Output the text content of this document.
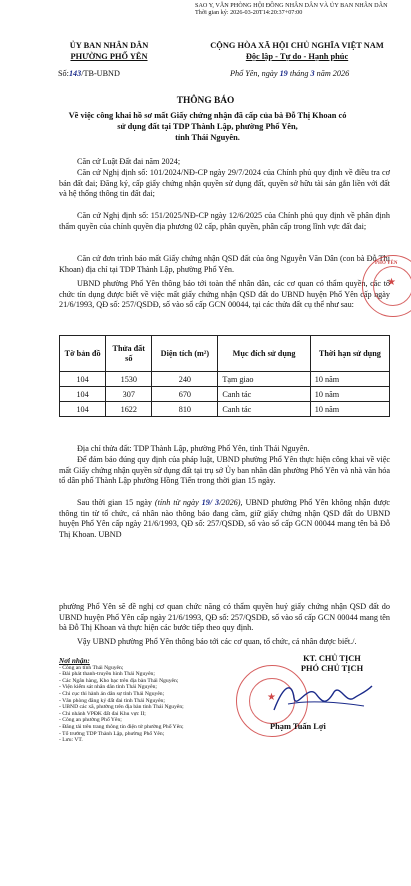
SAO Y, VĂN PHÒNG HỘI ĐỒNG NHÂN DÂN VÀ ỦY BAN NHÂN DÂN
Thời gian ký: 2026-03-20T14:20:37+07:00
ỦY BAN NHÂN DÂN
PHƯỜNG PHỔ YÊN
CỘNG HÒA XÃ HỘI CHỦ NGHĨA VIỆT NAM
Độc lập - Tự do - Hạnh phúc
Số:143/TB-UBND	Phổ Yên, ngày 19 tháng 3 năm 2026
THÔNG BÁO
Về việc công khai hồ sơ mất Giấy chứng nhận đã cấp của bà Đỗ Thị Khoan có
sử dụng đất tại TDP Thành Lập, phường Phổ Yên,
tỉnh Thái Nguyên.
Căn cứ Luật Đất đai năm 2024;
Căn cứ Nghị định số: 101/2024/NĐ-CP ngày 29/7/2024 của Chính phủ quy định về điều tra cơ bản đất đai; Đăng ký, cấp giấy chứng nhận quyền sử dụng đất, quyền sở hữu tài sản gắn liền với đất và hệ thống thông tin đất đai;
Căn cứ Nghị định số: 151/2025/NĐ-CP ngày 12/6/2025 của Chính phủ quy định về phân định thẩm quyền của chính quyền địa phương 02 cấp, phân quyền, phân cấp trong lĩnh vực đất đai;
Căn cứ đơn trình báo mất Giấy chứng nhận QSD đất của ông Nguyễn Văn Dân (con bà Đỗ Thị Khoan) địa chỉ tại TDP Thành Lập, phường Phổ Yên.
UBND phường Phổ Yên thông báo tới toàn thể nhân dân, các cơ quan có thẩm quyền, các tổ chức tín dụng được biết về việc mất giấy chứng nhận QSD đất do UBND huyện Phổ Yên cấp ngày 21/6/1993, QĐ số: 257/QSDĐ, số vào sổ cấp GCN 00044, tại các thửa đất cụ thể như sau:
★
PHỔ YÊN
Tờ bản đồ	Thửa đất số	Diện tích (m²)	Mục đích sử dụng	Thời hạn sử dụng
104	1530	240	Tạm giao	10 năm
104	307	670	Canh tác	10 năm
104	1622	810	Canh tác	10 năm
Địa chỉ thửa đất: TDP Thành Lập, phường Phổ Yên, tỉnh Thái Nguyên.
Để đảm bảo đúng quy định của pháp luật, UBND phường Phổ Yên thực hiện công khai về việc mất Giấy chứng nhận quyền sử dụng đất tại trụ sở Ủy ban nhân dân phường Phổ Yên và nhà văn hóa tổ dân phố Thành Lập phường Hồng Tiến trong thời gian 15 ngày.
Sau thời gian 15 ngày (tính từ ngày 19/ 3/2026), UBND phường Phổ Yên không nhận được thông tin từ tổ chức, cá nhân nào thông báo đang cầm, giữ giấy chứng nhận QSD đất do UBND huyện Phổ Yên cấp ngày 21/6/1993, QĐ số: 257/QSDĐ, số vào sổ cấp GCN 00044 mang tên bà Đỗ Thị Khoan. UBND
phường Phổ Yên sẽ đề nghị cơ quan chức năng có thẩm quyền huỷ giấy chứng nhận QSD đất do UBND huyện Phổ Yên cấp ngày 21/6/1993, QĐ số: 257/QSDĐ, số vào sổ cấp GCN 00044 mang tên bà Đỗ Thị Khoan và thực hiện các bước tiếp theo quy định.
Vậy UBND phường Phổ Yên thông báo tới các cơ quan, tổ chức, cá nhân được biết./.
Nơi nhận:
- Công an tỉnh Thái Nguyên;
- Đài phát thanh-truyền hình Thái Nguyên;
- Các Ngân hàng, Kho bạc trên địa bàn Thái Nguyên;
- Viện kiểm sát nhân dân tỉnh Thái Nguyên;
- Chi cục thi hành án dân sự tỉnh Thái Nguyên;
- Văn phòng đăng ký đất đai tỉnh Thái Nguyên;
- UBND các xã, phường trên địa bàn tỉnh Thái Nguyên;
- Chi nhánh VPĐK đất đai Khu vực II;
- Công an phường Phổ Yên;
- Đăng tải trên trang thông tin điện tử phường Phổ Yên;
- Tổ trưởng TDP Thành Lập, phường Phổ Yên;
- Lưu: VT.
KT. CHỦ TỊCH
PHÓ CHỦ TỊCH
★
Phạm Tuấn Lợi
